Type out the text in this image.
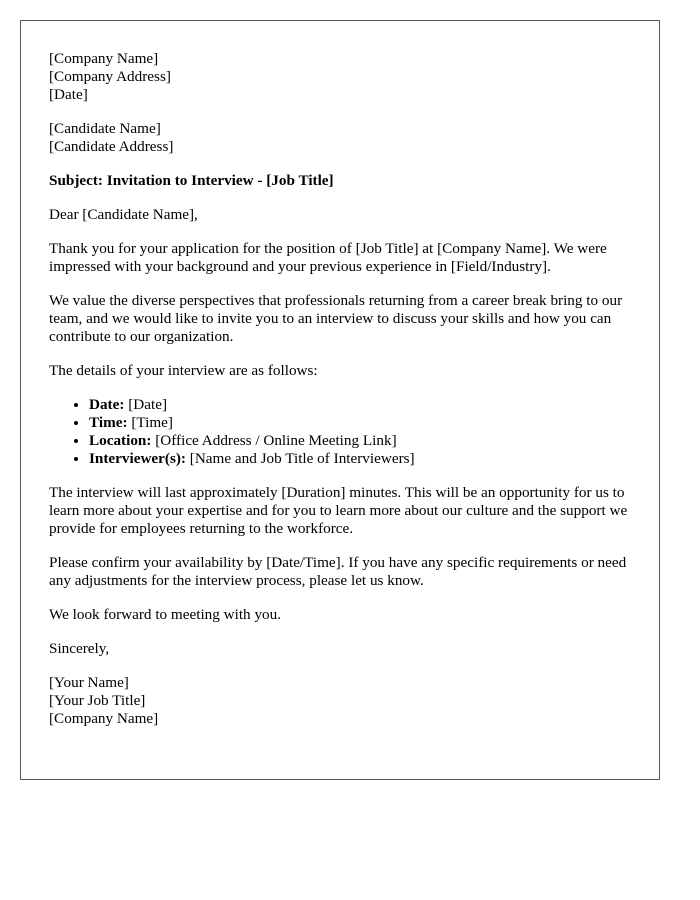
[Company Name]
[Company Address]
[Date]
[Candidate Name]
[Candidate Address]

Subject: Invitation to Interview - [Job Title]

Dear [Candidate Name],

Thank you for your application for the position of [Job Title] at [Company Name]. We were impressed with your background and your previous experience in [Field/Industry].

We value the diverse perspectives that professionals returning from a career break bring to our team, and we would like to invite you to an interview to discuss your skills and how you can contribute to our organization.

The details of your interview are as follows:

• Date: [Date]
• Time: [Time]
• Location: [Office Address / Online Meeting Link]
• Interviewer(s): [Name and Job Title of Interviewers]

The interview will last approximately [Duration] minutes. This will be an opportunity for us to learn more about your expertise and for you to learn more about our culture and the support we provide for employees returning to the workforce.

Please confirm your availability by [Date/Time]. If you have any specific requirements or need any adjustments for the interview process, please let us know.

We look forward to meeting with you.

Sincerely,

[Your Name]
[Your Job Title]
[Company Name]
